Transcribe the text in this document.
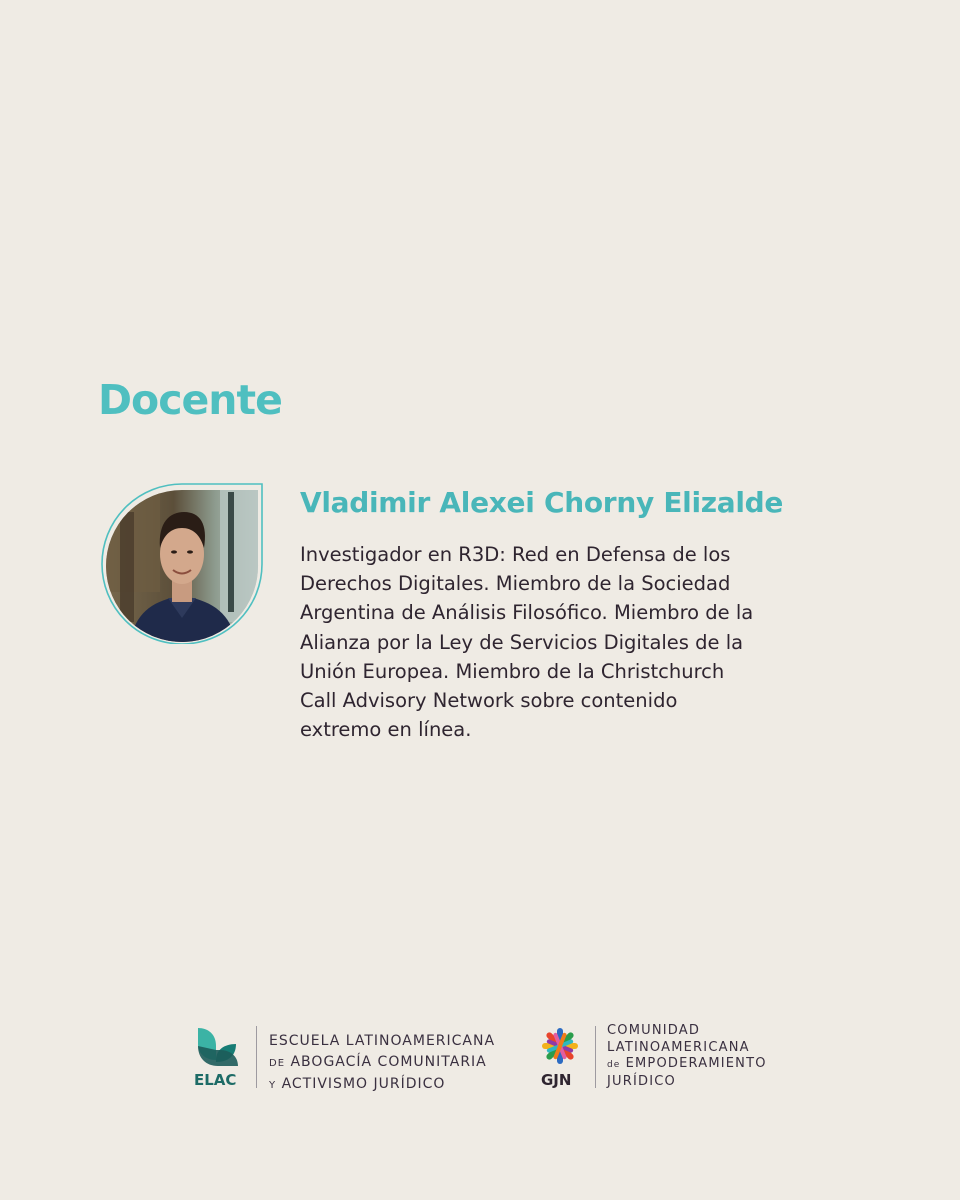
Docente
Vladimir Alexei Chorny Elizalde

Investigador en R3D: Red en Defensa de los
Derechos Digitales. Miembro de la Sociedad
Argentina de Análisis Filosófico. Miembro de la
Alianza por la Ley de Servicios Digitales de la
Unión Europea. Miembro de la Christchurch
Call Advisory Network sobre contenido
extremo en línea.

ELAC
ESCUELA LATINOAMERICANA
DE ABOGACÍA COMUNITARIA
Y ACTIVISMO JURÍDICO	GJN
COMUNIDAD
LATINOAMERICANA
de EMPODERAMIENTO
JURÍDICO
